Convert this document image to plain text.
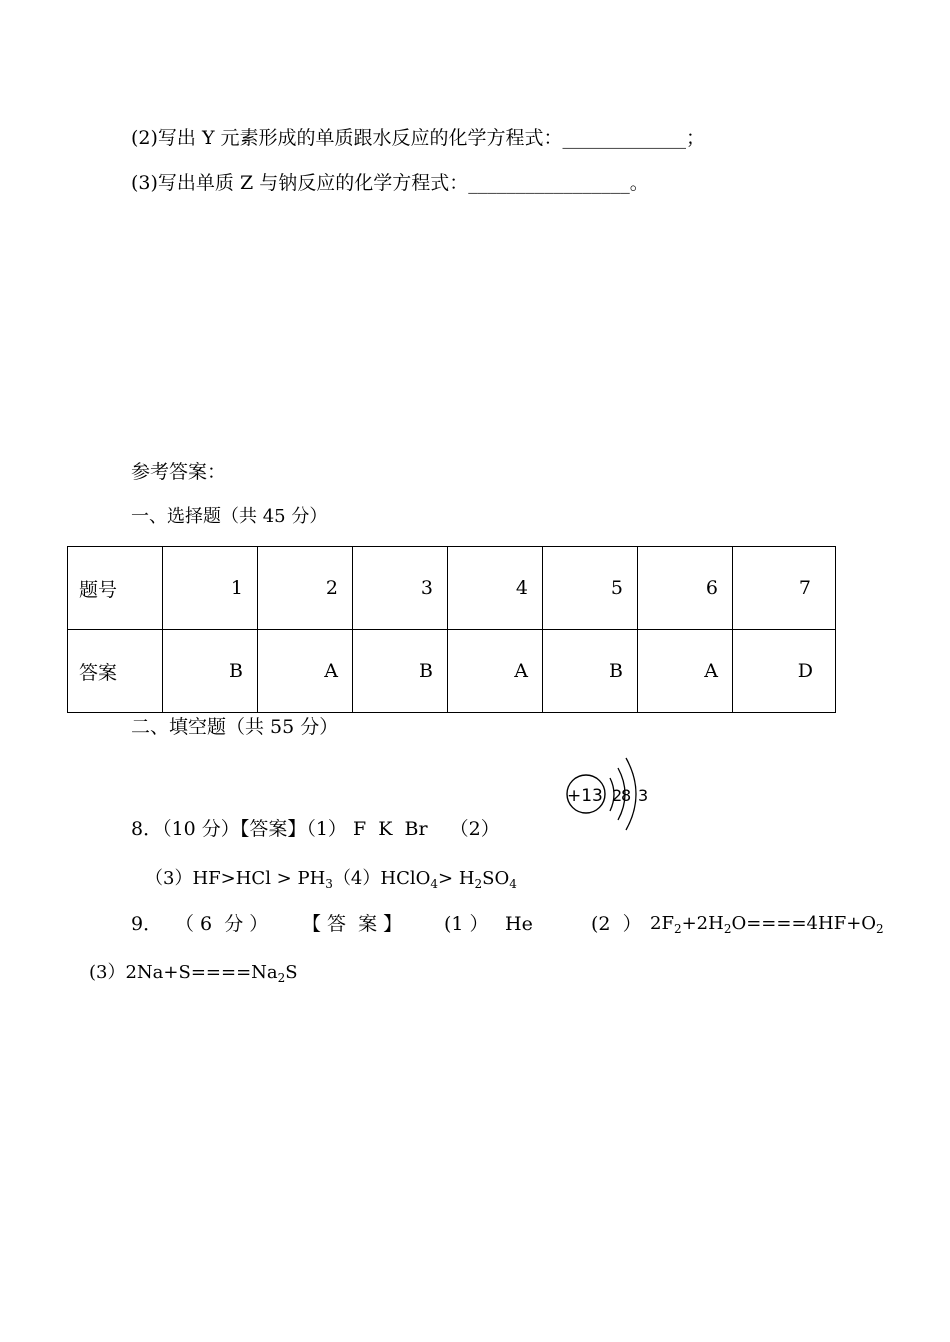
(2)写出 Y 元素形成的单质跟水反应的化学方程式：_____________；
(3)写出单质 Z 与钠反应的化学方程式：_________________。
参考答案：
一、选择题（共 45 分）
题号	1	2	3	4	5	6	7
答案	B	A	B	A	B	A	D
二、填空题（共 55 分）
8．（10 分）【答案】（1） F  K  Br （2）
+13 2
8 3
$(3)HF>HCl > PH_3(4)HClO_4> H_2SO_4$
9． （ 6  分 ） 【 答  案 】 (1 ） He	(2  ） $2F_2+2H_2O====4HF+O_2$
$(3)2Na+S====Na_2S$
